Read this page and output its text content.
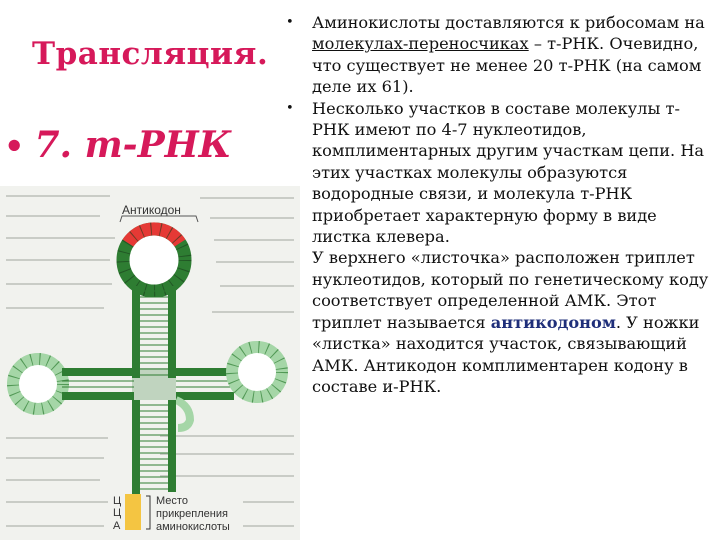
Трансляция.
• 7. т-РНК
Антикодон
Ц
Ц
А
Место прикрепления аминокислоты

• Аминокислоты доставляются к рибосомам на молекулах-переносчиках – т-РНК. Очевидно, что существует не менее 20 т-РНК (на самом деле их 61).

• Несколько участков в составе молекулы т-РНК имеют по 4-7 нуклеотидов, комплиментарных другим участкам цепи. На этих участках молекулы образуются водородные связи, и молекула т-РНК приобретает характерную форму в виде листка клевера.

У верхнего «листочка» расположен триплет нуклеотидов, который по генетическому коду соответствует определенной АМК. Этот триплет называется антикодоном. У ножки «листка» находится участок, связывающий АМК. Антикодон комплиментарен кодону в составе и-РНК.
